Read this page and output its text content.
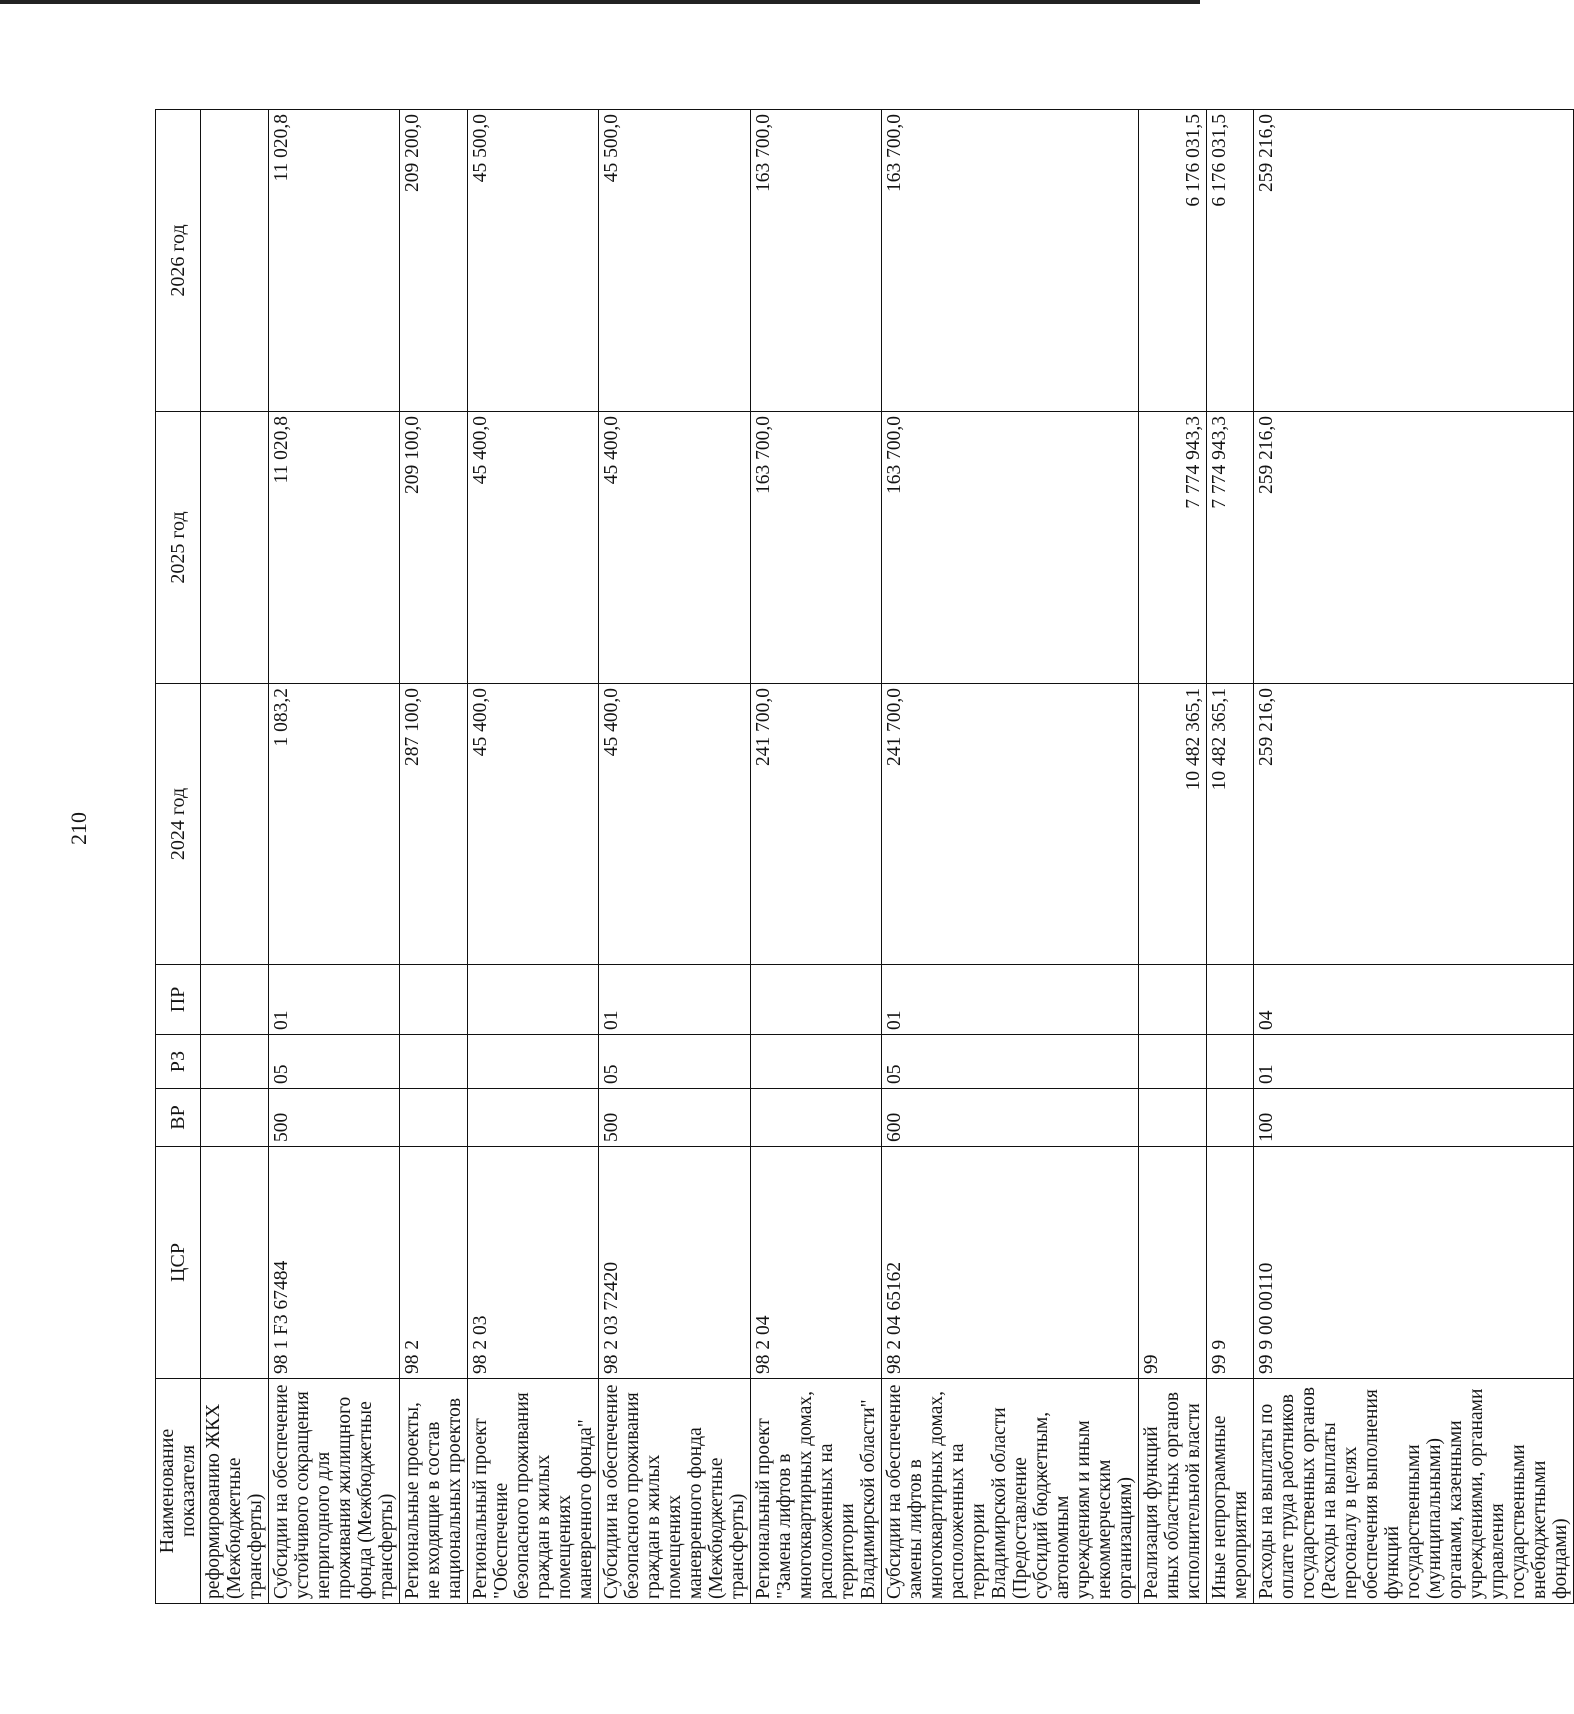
210
Наименование показателя	ЦСР	ВР	РЗ	ПР	2024 год	2025 год	2026 год
реформированию ЖКХ (Межбюджетные трансферты)							
Субсидии на обеспечение устойчивого сокращения непригодного для проживания жилищного фонда (Межбюджетные трансферты)	98 1 F3 67484	500	05	01	1 083,2	11 020,8	11 020,8
Региональные проекты, не входящие в состав национальных проектов	98 2				287 100,0	209 100,0	209 200,0
Региональный проект "Обеспечение безопасного проживания граждан в жилых помещениях маневренного фонда"	98 2 03				45 400,0	45 400,0	45 500,0
Субсидии на обеспечение безопасного проживания граждан в жилых помещениях маневренного фонда (Межбюджетные трансферты)	98 2 03 72420	500	05	01	45 400,0	45 400,0	45 500,0
Региональный проект "Замена лифтов в многоквартирных домах, расположенных на территории Владимирской области"	98 2 04				241 700,0	163 700,0	163 700,0
Субсидии на обеспечение замены лифтов в многоквартирных домах, расположенных на территории Владимирской области (Предоставление субсидий бюджетным, автономным учреждениям и иным некоммерческим организациям)	98 2 04 65162	600	05	01	241 700,0	163 700,0	163 700,0
Реализация функций иных областных органов исполнительной власти	99				10 482 365,1	7 774 943,3	6 176 031,5
Иные непрограммные мероприятия	99 9				10 482 365,1	7 774 943,3	6 176 031,5
Расходы на выплаты по оплате труда работников государственных органов (Расходы на выплаты персоналу в целях обеспечения выполнения функций государственными (муниципальными) органами, казенными учреждениями, органами управления государственными внебюджетными фондами)	99 9 00 00110	100	01	04	259 216,0	259 216,0	259 216,0
